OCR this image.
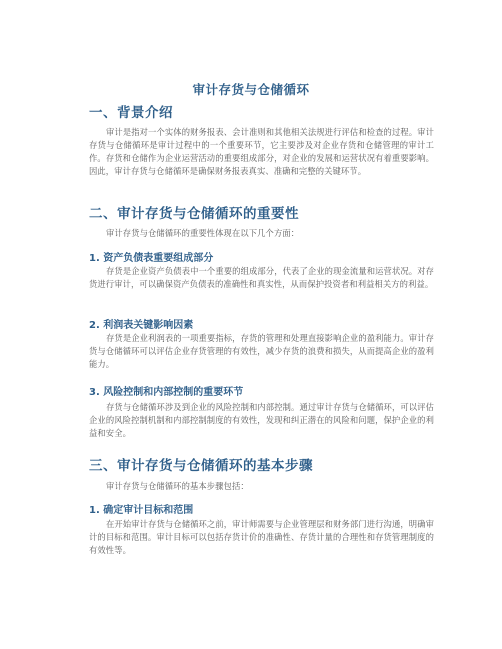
审计存货与仓储循环
一、背景介绍
审计是指对一个实体的财务报表、会计准则和其他相关法规进行评估和检查的过程。审计存货与仓储循环是审计过程中的一个重要环节，它主要涉及对企业存货和仓储管理的审计工作。存货和仓储作为企业运营活动的重要组成部分，对企业的发展和运营状况有着重要影响。因此，审计存货与仓储循环是确保财务报表真实、准确和完整的关键环节。
二、审计存货与仓储循环的重要性
审计存货与仓储循环的重要性体现在以下几个方面：
1. 资产负债表重要组成部分
存货是企业资产负债表中一个重要的组成部分，代表了企业的现金流量和运营状况。对存货进行审计，可以确保资产负债表的准确性和真实性，从而保护投资者和利益相关方的利益。
2. 利润表关键影响因素
存货是企业利润表的一项重要指标，存货的管理和处理直接影响企业的盈利能力。审计存货与仓储循环可以评估企业存货管理的有效性，减少存货的浪费和损失，从而提高企业的盈利能力。
3. 风险控制和内部控制的重要环节
存货与仓储循环涉及到企业的风险控制和内部控制。通过审计存货与仓储循环，可以评估企业的风险控制机制和内部控制制度的有效性，发现和纠正潜在的风险和问题，保护企业的利益和安全。
三、审计存货与仓储循环的基本步骤
审计存货与仓储循环的基本步骤包括：
1. 确定审计目标和范围
在开始审计存货与仓储循环之前，审计师需要与企业管理层和财务部门进行沟通，明确审计的目标和范围。审计目标可以包括存货计价的准确性、存货计量的合理性和存货管理制度的有效性等。
